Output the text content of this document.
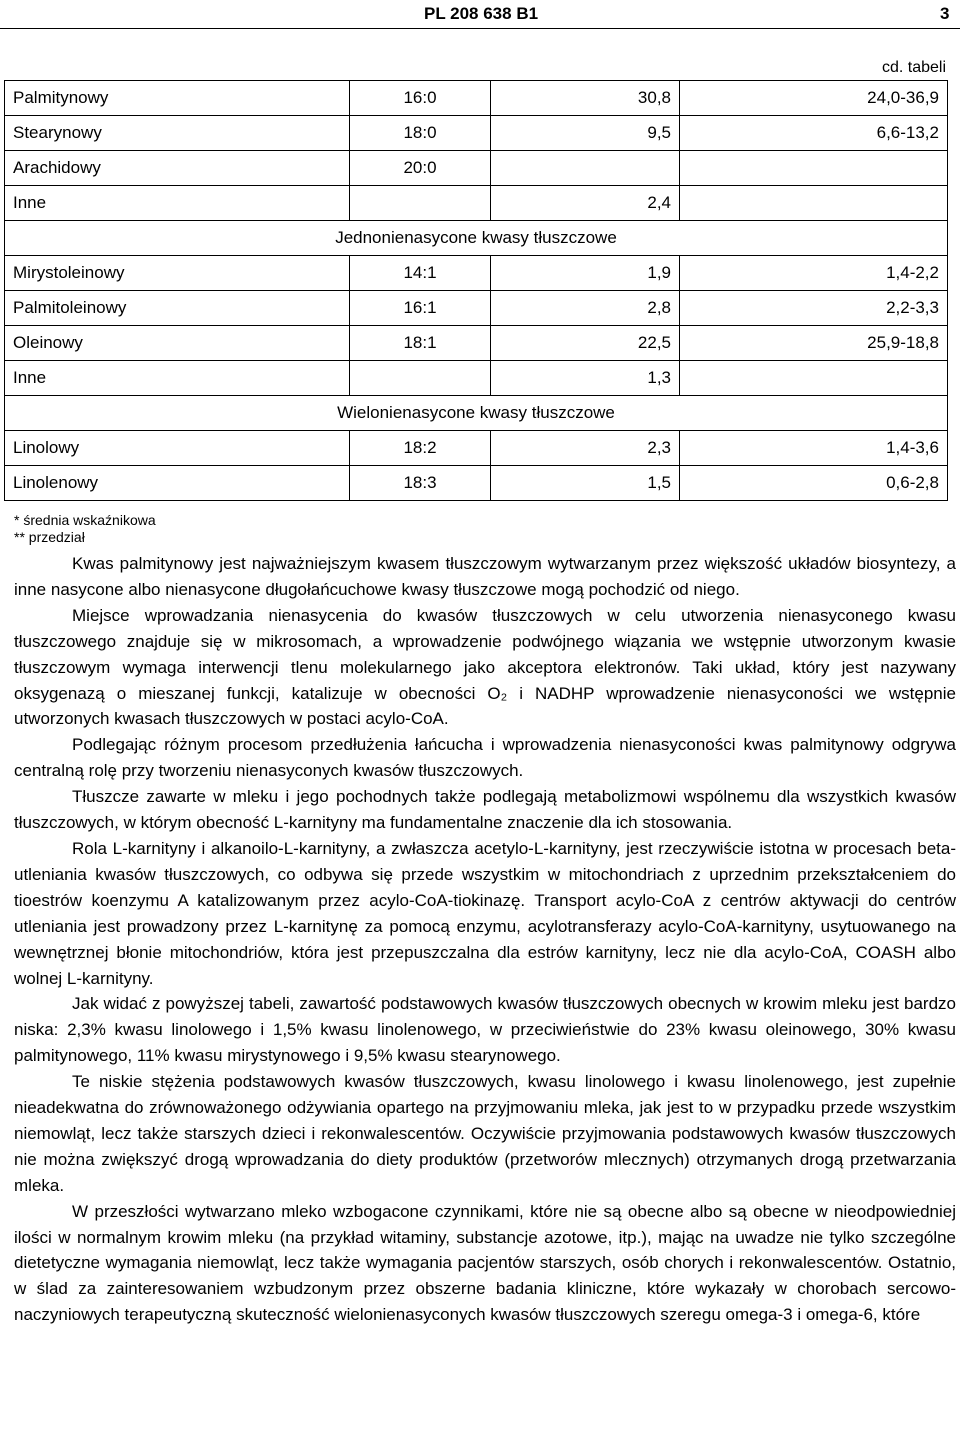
PL 208 638 B1	3
cd. tabeli
Palmitynowy	16:0	30,8	24,0-36,9
Stearynowy	18:0	9,5	6,6-13,2
Arachidowy	20:0		
Inne		2,4	
Jednonienasycone kwasy tłuszczowe			
Mirystoleinowy	14:1	1,9	1,4-2,2
Palmitoleinowy	16:1	2,8	2,2-3,3
Oleinowy	18:1	22,5	25,9-18,8
Inne		1,3	
Wielonienasycone kwasy tłuszczowe			
Linolowy	18:2	2,3	1,4-3,6
Linolenowy	18:3	1,5	0,6-2,8
* średnia wskaźnikowa
** przedział

Kwas palmitynowy jest najważniejszym kwasem tłuszczowym wytwarzanym przez większość układów biosyntezy, a inne nasycone albo nienasycone długołańcuchowe kwasy tłuszczowe mogą pochodzić od niego.

Miejsce wprowadzania nienasycenia do kwasów tłuszczowych w celu utworzenia nienasyconego kwasu tłuszczowego znajduje się w mikrosomach, a wprowadzenie podwójnego wiązania we wstępnie utworzonym kwasie tłuszczowym wymaga interwencji tlenu molekularnego jako akceptora elektronów. Taki układ, który jest nazywany oksygenazą o mieszanej funkcji, katalizuje w obecności O₂ i NADHP wprowadzenie nienasyconości we wstępnie utworzonych kwasach tłuszczowych w postaci acylo-CoA.

Podlegając różnym procesom przedłużenia łańcucha i wprowadzenia nienasyconości kwas palmitynowy odgrywa centralną rolę przy tworzeniu nienasyconych kwasów tłuszczowych.

Tłuszcze zawarte w mleku i jego pochodnych także podlegają metabolizmowi wspólnemu dla wszystkich kwasów tłuszczowych, w którym obecność L-karnityny ma fundamentalne znaczenie dla ich stosowania.

Rola L-karnityny i alkanoilo-L-karnityny, a zwłaszcza acetylo-L-karnityny, jest rzeczywiście istotna w procesach beta-utleniania kwasów tłuszczowych, co odbywa się przede wszystkim w mitochondriach z uprzednim przekształceniem do tioestrów koenzymu A katalizowanym przez acylo-CoA-tiokinazę. Transport acylo-CoA z centrów aktywacji do centrów utleniania jest prowadzony przez L-karnitynę za pomocą enzymu, acylotransferazy acylo-CoA-karnityny, usytuowanego na wewnętrznej błonie mitochondriów, która jest przepuszczalna dla estrów karnityny, lecz nie dla acylo-CoA, COASH albo wolnej L-karnityny.

Jak widać z powyższej tabeli, zawartość podstawowych kwasów tłuszczowych obecnych w krowim mleku jest bardzo niska: 2,3% kwasu linolowego i 1,5% kwasu linolenowego, w przeciwieństwie do 23% kwasu oleinowego, 30% kwasu palmitynowego, 11% kwasu mirystynowego i 9,5% kwasu stearynowego.

Te niskie stężenia podstawowych kwasów tłuszczowych, kwasu linolowego i kwasu linolenowego, jest zupełnie nieadekwatna do zrównoważonego odżywiania opartego na przyjmowaniu mleka, jak jest to w przypadku przede wszystkim niemowląt, lecz także starszych dzieci i rekonwalescentów. Oczywiście przyjmowania podstawowych kwasów tłuszczowych nie można zwiększyć drogą wprowadzania do diety produktów (przetworów mlecznych) otrzymanych drogą przetwarzania mleka.

W przeszłości wytwarzano mleko wzbogacone czynnikami, które nie są obecne albo są obecne w nieodpowiedniej ilości w normalnym krowim mleku (na przykład witaminy, substancje azotowe, itp.), mając na uwadze nie tylko szczególne dietetyczne wymagania niemowląt, lecz także wymagania pacjentów starszych, osób chorych i rekonwalescentów. Ostatnio, w ślad za zainteresowaniem wzbudzonym przez obszerne badania kliniczne, które wykazały w chorobach sercowo-naczyniowych terapeutyczną skuteczność wielonienasyconych kwasów tłuszczowych szeregu omega-3 i omega-6, które
